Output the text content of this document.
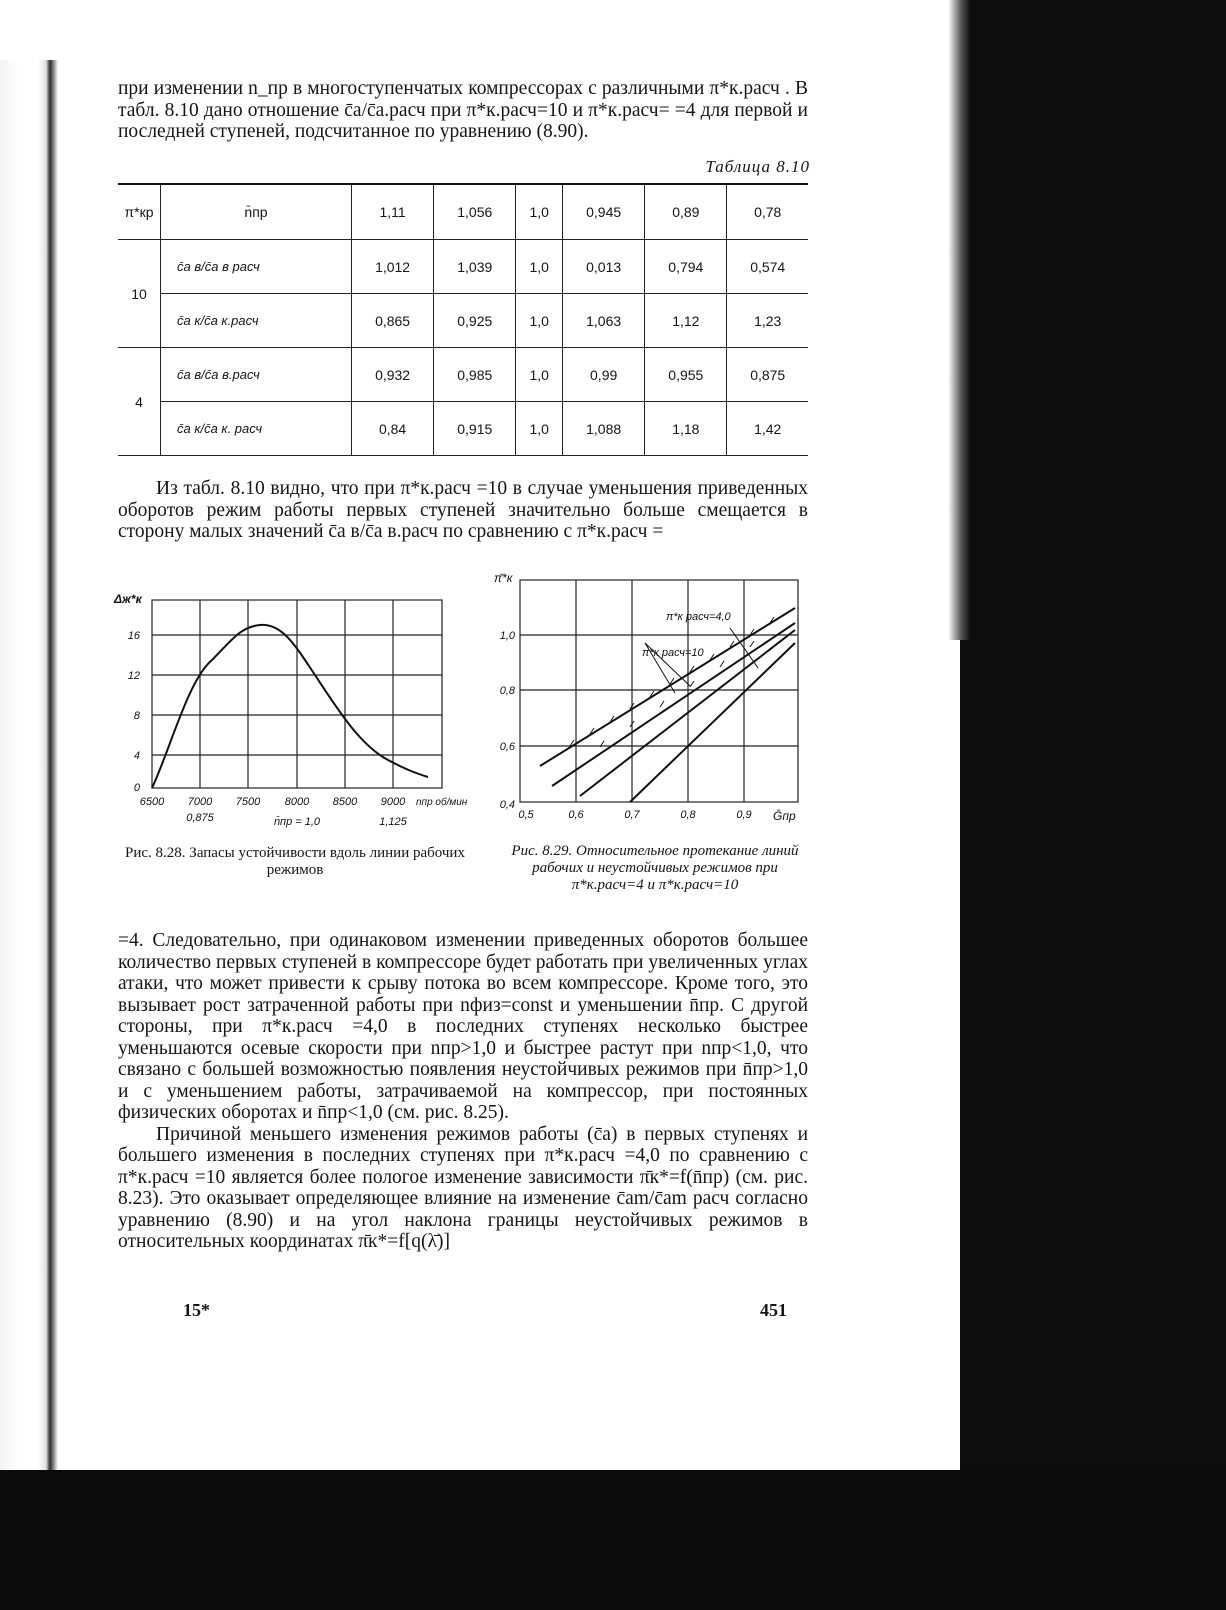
при изменении n_пр в многоступенчатых компрессорах с различными π*к.расч . В табл. 8.10 дано отношение c̄a/c̄a.расч при π*к.расч=10 и π*к.расч= =4 для первой и последней ступеней, подсчитанное по уравнению (8.90).

Таблица 8.10
π*кр	n̄пр	1,11	1,056	1,0	0,945	0,89	0,78
10	c̄a в/c̄a в расч	1,012	1,039	1,0	0,013	0,794	0,574
	c̄a к/c̄a к.расч	0,865	0,925	1,0	1,063	1,12	1,23
4	c̄a в/c̄a в.расч	0,932	0,985	1,0	0,99	0,955	0,875
	c̄a к/c̄a к. расч	0,84	0,915	1,0	1,088	1,18	1,42

Из табл. 8.10 видно, что при π*к.расч =10 в случае уменьшения приведенных оборотов режим работы первых ступеней значительно больше смещается в сторону малых значений c̄a в/c̄a в.расч по сравнению с π*к.расч =

Δж*к
0
4
8
12
16
6500 7000 7500 8000 8500 9000 nпр об/мин
0,875	n̄пр = 1,0	1,125
Рис. 8.28. Запасы устойчивости вдоль линии рабочих режимов
π̄*к
0,4
0,6
0,8
1,0
0,5	0,6	0,7	0,8	0,9 Ḡпр
π*к расч=4,0
π*к расч=10
Рис. 8.29. Относительное протекание линий рабочих и неустойчивых режимов при π*к.расч=4 и π*к.расч=10

=4. Следовательно, при одинаковом изменении приведенных оборотов большее количество первых ступеней в компрессоре будет работать при увеличенных углах атаки, что может привести к срыву потока во всем компрессоре. Кроме того, это вызывает рост затраченной работы при nфиз=const и уменьшении n̄пр. С другой стороны, при π*к.расч =4,0 в последних ступенях несколько быстрее уменьшаются осевые скорости при nпр>1,0 и быстрее растут при nпр<1,0, что связано с большей возможностью появления неустойчивых режимов при n̄пр>1,0 и с уменьшением работы, затрачиваемой на компрессор, при постоянных физических оборотах и n̄пр<1,0 (см. рис. 8.25).

Причиной меньшего изменения режимов работы (c̄a) в первых ступенях и большего изменения в последних ступенях при π*к.расч =4,0 по сравнению с π*к.расч =10 является более пологое изменение зависимости π̄к*=f(n̄пр) (см. рис. 8.23). Это оказывает определяющее влияние на изменение c̄am/c̄am расч согласно уравнению (8.90) и на угол наклона границы неустойчивых режимов в относительных координатах π̄к*=f[q(λ̄)]

15*	451
